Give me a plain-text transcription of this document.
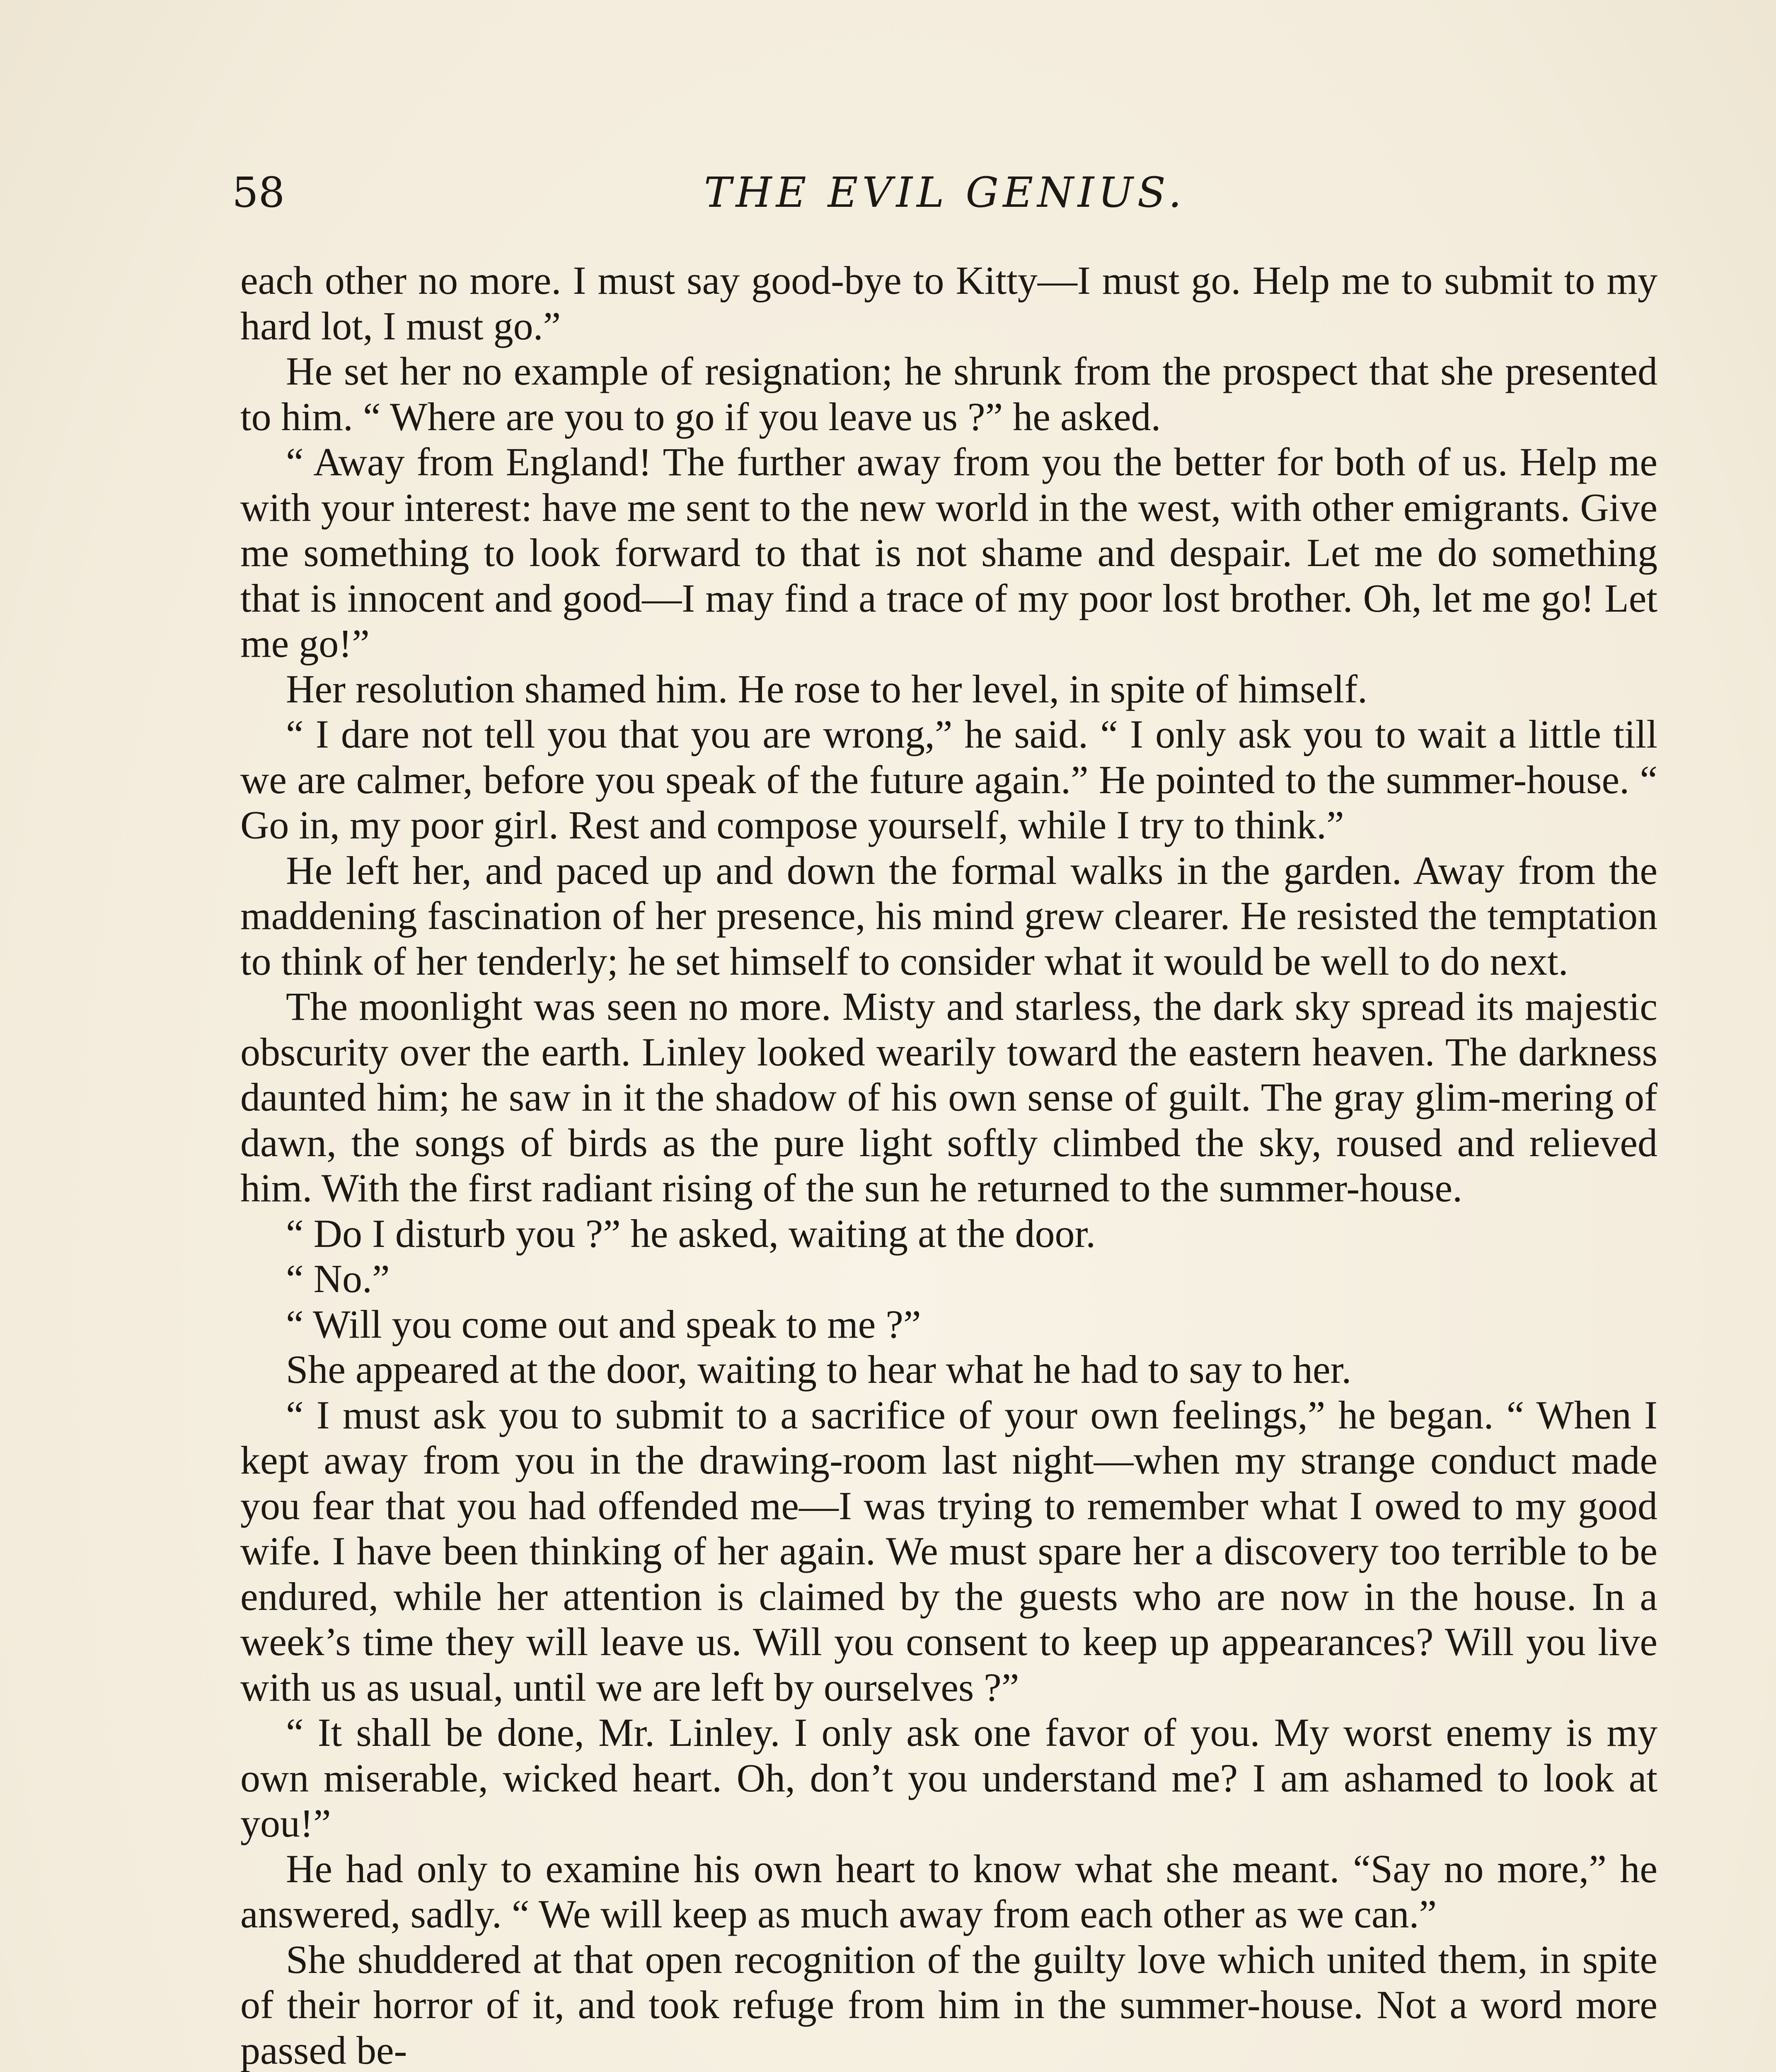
58	THE EVIL GENIUS.

each other no more. I must say good-bye to Kitty—I must go. Help me to submit to my hard lot, I must go.”

He set her no example of resignation; he shrunk from the prospect that she presented to him. “ Where are you to go if you leave us ?” he asked.

“ Away from England! The further away from you the better for both of us. Help me with your interest: have me sent to the new world in the west, with other emigrants. Give me something to look forward to that is not shame and despair. Let me do something that is innocent and good—I may find a trace of my poor lost brother. Oh, let me go! Let me go!”

Her resolution shamed him. He rose to her level, in spite of himself.

“ I dare not tell you that you are wrong,” he said. “ I only ask you to wait a little till we are calmer, before you speak of the future again.” He pointed to the summer-house. “ Go in, my poor girl. Rest and compose yourself, while I try to think.”

He left her, and paced up and down the formal walks in the garden. Away from the maddening fascination of her presence, his mind grew clearer. He resisted the temptation to think of her tenderly; he set himself to consider what it would be well to do next.

The moonlight was seen no more. Misty and starless, the dark sky spread its majestic obscurity over the earth. Linley looked wearily toward the eastern heaven. The darkness daunted him; he saw in it the shadow of his own sense of guilt. The gray glim-mering of dawn, the songs of birds as the pure light softly climbed the sky, roused and relieved him. With the first radiant rising of the sun he returned to the summer-house.

“ Do I disturb you ?” he asked, waiting at the door.

“ No.”

“ Will you come out and speak to me ?”

She appeared at the door, waiting to hear what he had to say to her.

“ I must ask you to submit to a sacrifice of your own feelings,” he began. “ When I kept away from you in the drawing-room last night—when my strange conduct made you fear that you had offended me—I was trying to remember what I owed to my good wife. I have been thinking of her again. We must spare her a discovery too terrible to be endured, while her attention is claimed by the guests who are now in the house. In a week’s time they will leave us. Will you consent to keep up appearances? Will you live with us as usual, until we are left by ourselves ?”

“ It shall be done, Mr. Linley. I only ask one favor of you. My worst enemy is my own miserable, wicked heart. Oh, don’t you understand me? I am ashamed to look at you!”

He had only to examine his own heart to know what she meant. “Say no more,” he answered, sadly. “ We will keep as much away from each other as we can.”

She shuddered at that open recognition of the guilty love which united them, in spite of their horror of it, and took refuge from him in the summer-house. Not a word more passed be-
